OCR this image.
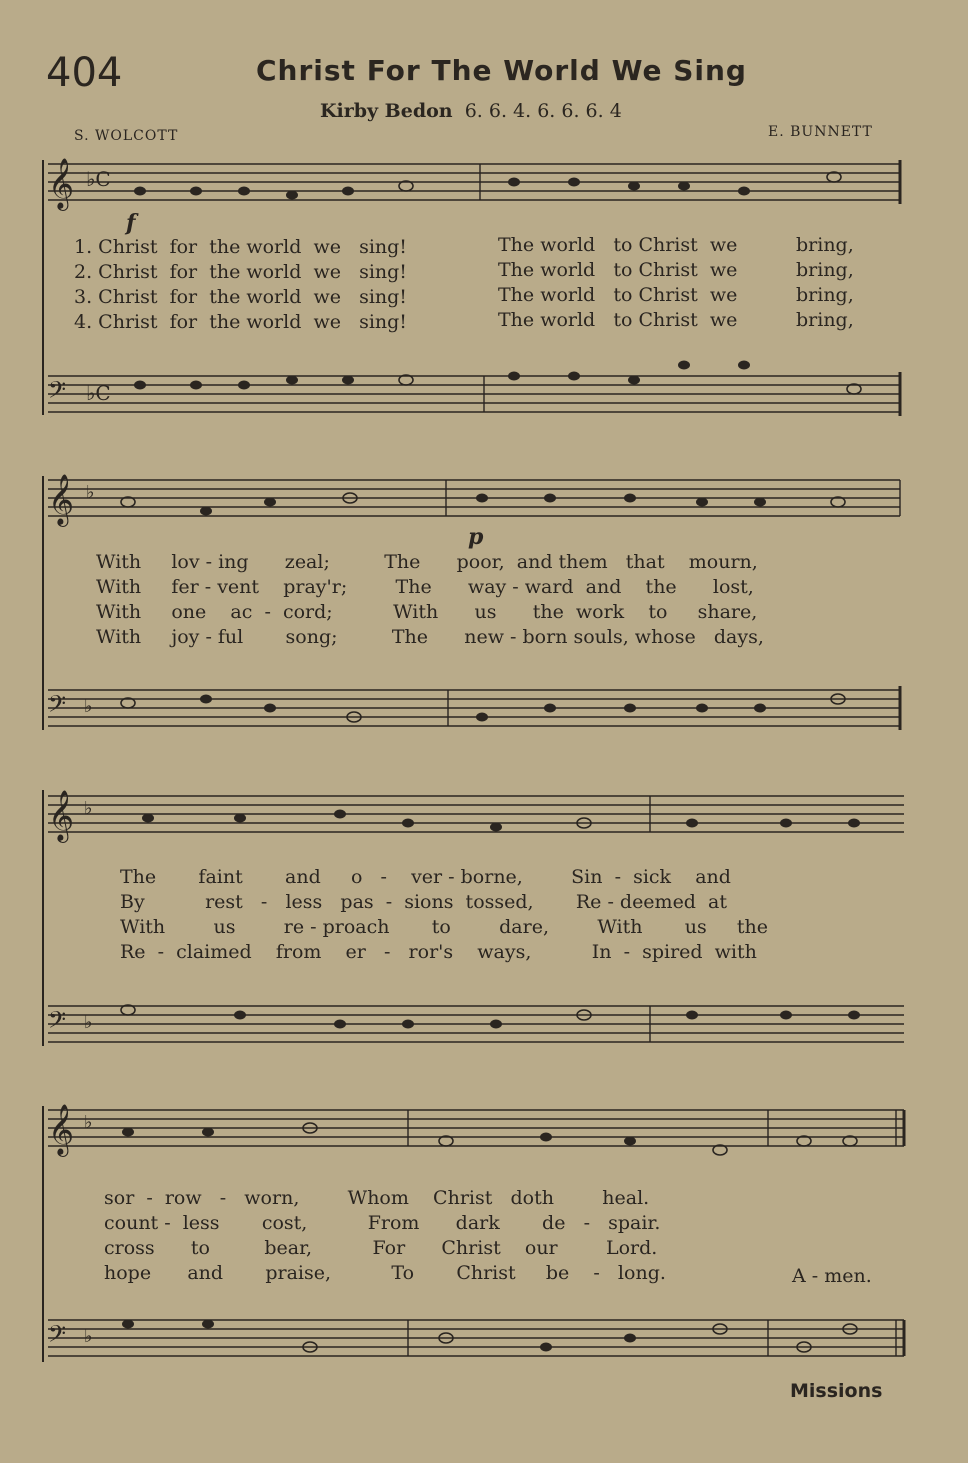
404	Christ For The World We Sing
Kirby Bedon 6. 6. 4. 6. 6. 6. 4
S. WOLCOTT	E. BUNNETT
𝄞 ♭C
f
1. Christ  for  the world  we   sing!	The world   to Christ  we	bring,
2. Christ  for  the world  we   sing!	The world   to Christ  we	bring,
3. Christ  for  the world  we   sing!	The world   to Christ  we	bring,
4. Christ  for  the world  we   sing!	The world   to Christ  we	bring,
𝄢 ♭C
𝄞 ♭
p
With     lov - ing      zeal;         The      poor,  and them   that    mourn,
With     fer - vent    pray'r;        The      way - ward  and    the      lost,
With     one    ac  -  cord;          With      us      the  work    to     share,
With     joy - ful       song;         The      new - born souls, whose   days,
𝄢 ♭
𝄞 ♭
The       faint       and     o   -    ver - borne,        Sin  -  sick    and
By          rest   -   less   pas  -  sions  tossed,       Re - deemed  at
With        us        re - proach       to        dare,        With       us     the
Re  -  claimed    from    er   -   ror's    ways,          In  -  spired  with
𝄢 ♭
𝄞 ♭
sor  -  row   -   worn,        Whom    Christ   doth        heal.
count -  less       cost,          From      dark       de   -   spair.
cross      to         bear,          For      Christ    our        Lord.
hope      and       praise,          To       Christ     be    -   long.	A - men.
𝄢 ♭
Missions
